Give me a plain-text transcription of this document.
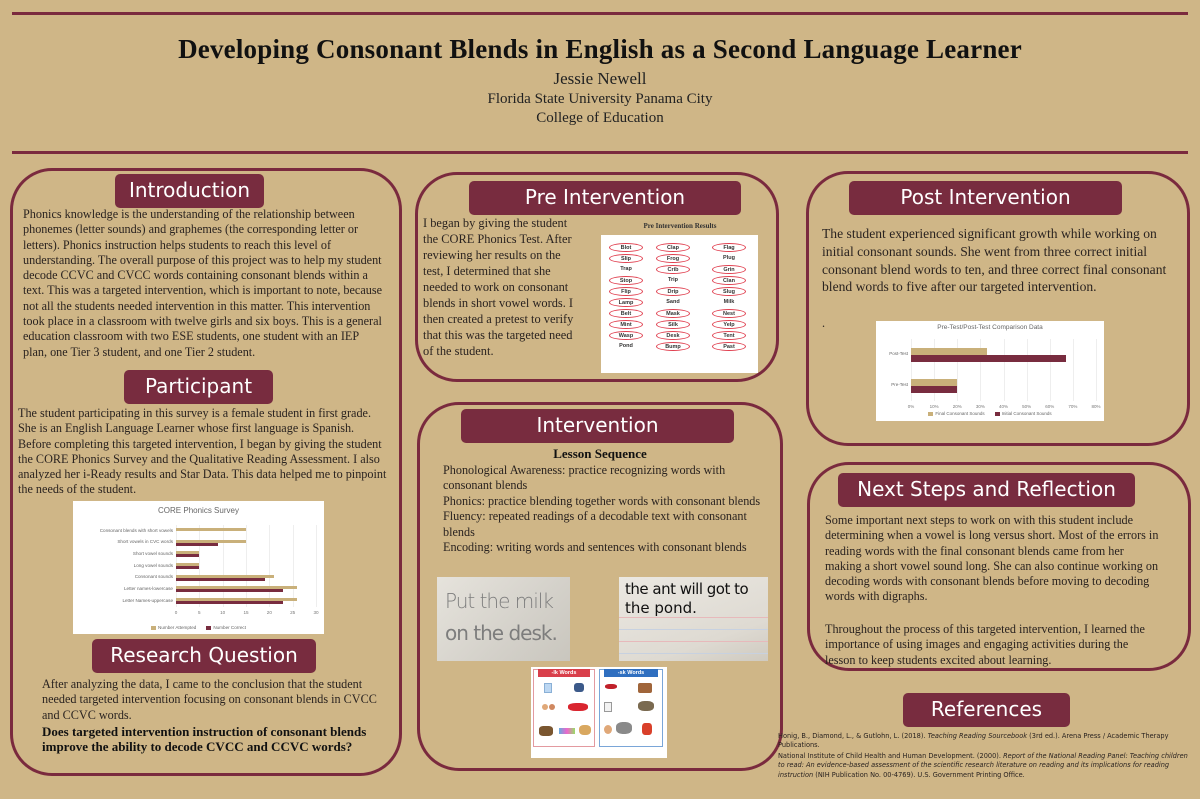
Developing Consonant Blends in English as a Second Language Learner
Jessie Newell
Florida State University Panama City
College of Education
Introduction
Phonics knowledge is the understanding of the relationship between phonemes (letter sounds) and graphemes (the corresponding letter or letters). Phonics instruction helps students to reach this level of understanding. The overall purpose of this project was to help my student decode CCVC and CVCC words containing consonant blends within a text. This was a targeted intervention, which is important to note, because not all the students needed intervention in this matter. This intervention took place in a classroom with twelve girls and six boys. This is a general education classroom with two ESE students, one student with an IEP plan, one Tier 3 student, and one Tier 2 student.
Participant
The student participating in this survey is a female student in first grade. She is an English Language Learner whose first language is Spanish. Before completing this targeted intervention, I began by giving the student the CORE Phonics Survey and the Qualitative Reading Assessment. I also analyzed her i-Ready results and Star Data. This data helped me to pinpoint the needs of the student.
CORE Phonics Survey
0	5	10	15	20	25	30
Consonant blends with short vowels
Short vowels in CVC words
Short vowel sounds
Long vowel sounds
Consonant sounds
Letter names-lowercase
Letter Names-uppercase
Number Attempted	Number Correct
Research Question
After analyzing the data, I came to the conclusion that the student needed targeted intervention focusing on consonant blends in CVCC and CCVC words.
Does targeted intervention instruction of consonant blends improve the ability to decode CVCC and CCVC words?
Pre Intervention
I began by giving the student the CORE Phonics Test. After reviewing her results on the test, I determined that she needed to work on consonant blends in short vowel words. I then created a pretest to verify that this was the targeted need of the student.
Pre Intervention Results
Blot	Clap	Flag
Slip	Frog	Plug
Trap	Crib	Grin
Stop	Trip	Clan
Flip	Drip	Slug
Lamp	Sand	Milk
Belt	Mask	Nest
Mint	Silk	Yelp
Wasp	Desk	Tent
Pond	Bump	Past
Intervention
Lesson Sequence
Phonological Awareness: practice recognizing words with consonant blends
Phonics: practice blending together words with consonant blends
Fluency: repeated readings of a decodable text with consonant blends
Encoding: writing words and sentences with consonant blends
Put the milk
on the desk.
the ant will got to
the pond.
-lk Words	-sk Words
Post Intervention
The student experienced significant growth while working on initial consonant sounds. She went from three correct initial consonant blend words to ten, and three correct final consonant blend words to five after our targeted intervention.
.	Pre-Test/Post-Test Comparison Data
0%	10%	20%	30%	40%	50%	60%	70%	80%
Post-Test
Pre-Test
Final Consonant Sounds	Initial Consonant Sounds
Next Steps and Reflection
Some important next steps to work on with this student include determining when a vowel is long versus short. Most of the errors in reading words with the final consonant blends came from her making a short vowel sound long. She can also continue working on decoding words with consonant blends before moving to decoding words with digraphs.
Throughout the process of this targeted intervention, I learned the importance of using images and engaging activities during the lesson to keep students excited about learning.
References
Honig, B., Diamond, L., & Gutlohn, L. (2018). Teaching Reading Sourcebook (3rd ed.). Arena Press / Academic Therapy Publications.
National Institute of Child Health and Human Development. (2000). Report of the National Reading Panel: Teaching children to read: An evidence-based assessment of the scientific research literature on reading and its implications for reading instruction (NIH Publication No. 00-4769). U.S. Government Printing Office.
